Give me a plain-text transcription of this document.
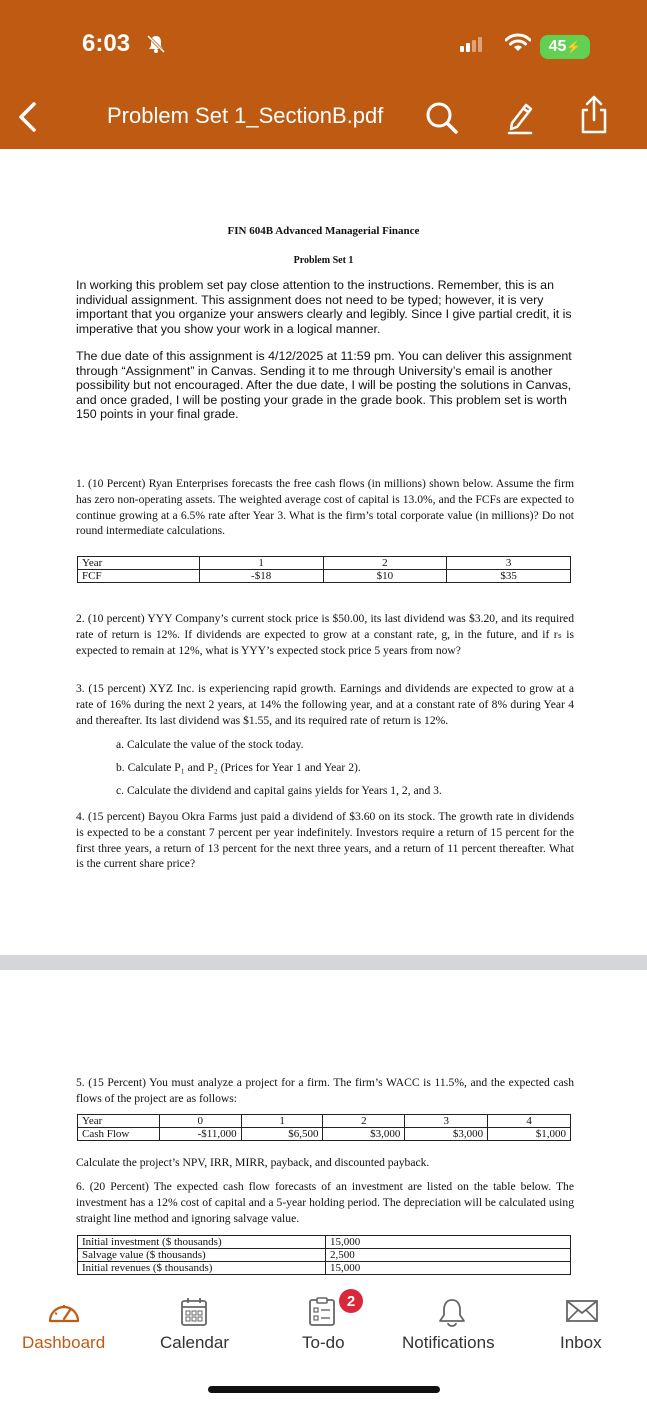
6:03	45 ⚡
Problem Set 1_SectionB.pdf
FIN 604B Advanced Managerial Finance
Problem Set 1
In working this problem set pay close attention to the instructions. Remember, this is an individual assignment. This assignment does not need to be typed; however, it is very important that you organize your answers clearly and legibly. Since I give partial credit, it is imperative that you show your work in a logical manner.
The due date of this assignment is 4/12/2025 at 11:59 pm. You can deliver this assignment through “Assignment” in Canvas. Sending it to me through University’s email is another possibility but not encouraged. After the due date, I will be posting the solutions in Canvas, and once graded, I will be posting your grade in the grade book. This problem set is worth 150 points in your final grade.
1. (10 Percent) Ryan Enterprises forecasts the free cash flows (in millions) shown below. Assume the firm has zero non-operating assets. The weighted average cost of capital is 13.0%, and the FCFs are expected to continue growing at a 6.5% rate after Year 3. What is the firm’s total corporate value (in millions)? Do not round intermediate calculations.
Year	1	2	3
FCF	-$18	$10	$35
2. (10 percent) YYY Company’s current stock price is $50.00, its last dividend was $3.20, and its required rate of return is 12%. If dividends are expected to grow at a constant rate, g, in the future, and if rₛ is expected to remain at 12%, what is YYY’s expected stock price 5 years from now?
3. (15 percent) XYZ Inc. is experiencing rapid growth. Earnings and dividends are expected to grow at a rate of 16% during the next 2 years, at 14% the following year, and at a constant rate of 8% during Year 4 and thereafter. Its last dividend was $1.55, and its required rate of return is 12%.
a. Calculate the value of the stock today.
b. Calculate P₁ and P₂ (Prices for Year 1 and Year 2).
c. Calculate the dividend and capital gains yields for Years 1, 2, and 3.
4. (15 percent) Bayou Okra Farms just paid a dividend of $3.60 on its stock. The growth rate in dividends is expected to be a constant 7 percent per year indefinitely. Investors require a return of 15 percent for the first three years, a return of 13 percent for the next three years, and a return of 11 percent thereafter. What is the current share price?
5. (15 Percent) You must analyze a project for a firm. The firm’s WACC is 11.5%, and the expected cash flows of the project are as follows:
Year	0	1	2	3	4
Cash Flow	-$11,000	$6,500	$3,000	$3,000	$1,000
Calculate the project’s NPV, IRR, MIRR, payback, and discounted payback.
6. (20 Percent) The expected cash flow forecasts of an investment are listed on the table below. The investment has a 12% cost of capital and a 5-year holding period. The depreciation will be calculated using straight line method and ignoring salvage value.
Initial investment ($ thousands)	15,000
Salvage value ($ thousands)	2,500
Initial revenues ($ thousands)	15,000
Dashboard	Calendar
2
To-do	Notifications	Inbox
